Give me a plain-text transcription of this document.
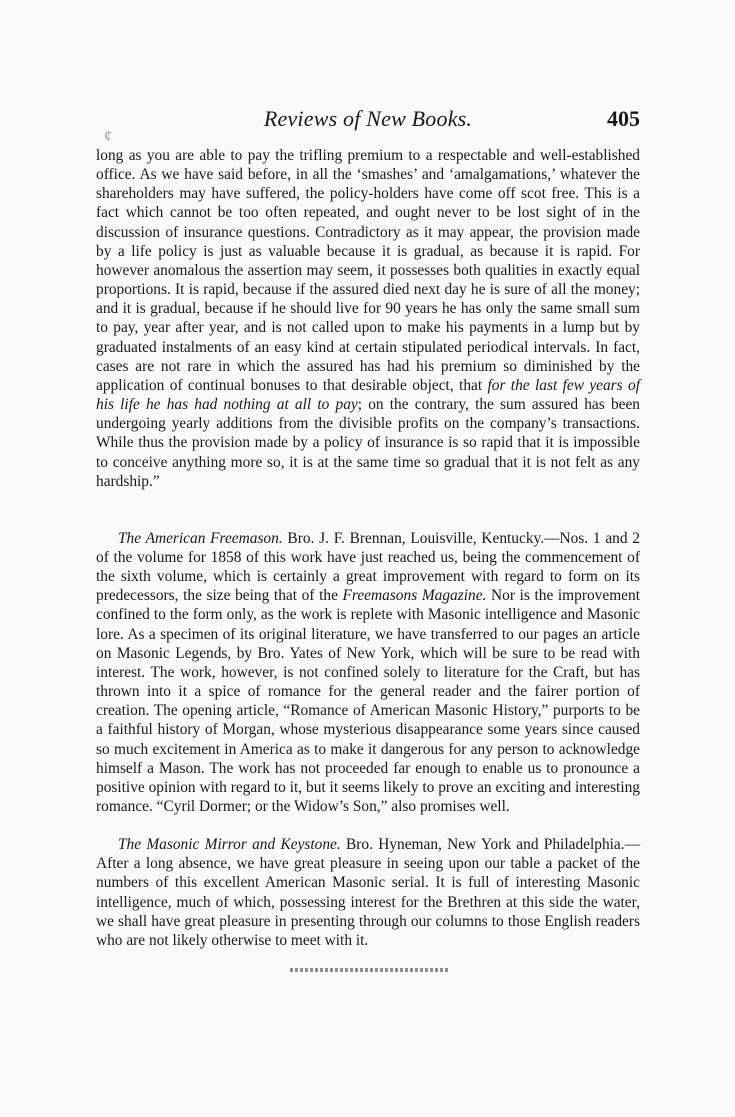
Reviews of New Books.	405
¢

long as you are able to pay the trifling premium to a respectable and well-established office. As we have said before, in all the ‘smashes’ and ‘amalgamations,’ whatever the shareholders may have suffered, the policy-holders have come off scot free. This is a fact which cannot be too often repeated, and ought never to be lost sight of in the discussion of insurance questions. Contradictory as it may appear, the provision made by a life policy is just as valuable because it is gradual, as because it is rapid. For however anomalous the assertion may seem, it possesses both qualities in exactly equal proportions. It is rapid, because if the assured died next day he is sure of all the money; and it is gradual, because if he should live for 90 years he has only the same small sum to pay, year after year, and is not called upon to make his payments in a lump but by graduated instalments of an easy kind at certain stipulated periodical intervals. In fact, cases are not rare in which the assured has had his premium so diminished by the application of continual bonuses to that desirable object, that for the last few years of his life he has had nothing at all to pay; on the contrary, the sum assured has been undergoing yearly additions from the divisible profits on the company’s transactions. While thus the provision made by a policy of insurance is so rapid that it is impossible to conceive anything more so, it is at the same time so gradual that it is not felt as any hardship.”

The American Freemason. Bro. J. F. Brennan, Louisville, Kentucky.—Nos. 1 and 2 of the volume for 1858 of this work have just reached us, being the commencement of the sixth volume, which is certainly a great improvement with regard to form on its predecessors, the size being that of the Freemasons Magazine. Nor is the improvement confined to the form only, as the work is replete with Masonic intelligence and Masonic lore. As a specimen of its original literature, we have transferred to our pages an article on Masonic Legends, by Bro. Yates of New York, which will be sure to be read with interest. The work, however, is not confined solely to literature for the Craft, but has thrown into it a spice of romance for the general reader and the fairer portion of creation. The opening article, “Romance of American Masonic History,” purports to be a faithful history of Morgan, whose mysterious disappearance some years since caused so much excitement in America as to make it dangerous for any person to acknowledge himself a Mason. The work has not proceeded far enough to enable us to pronounce a positive opinion with regard to it, but it seems likely to prove an exciting and interesting romance. “Cyril Dormer; or the Widow’s Son,” also promises well.

The Masonic Mirror and Keystone. Bro. Hyneman, New York and Philadelphia.—After a long absence, we have great pleasure in seeing upon our table a packet of the numbers of this excellent American Masonic serial. It is full of interesting Masonic intelligence, much of which, possessing interest for the Brethren at this side the water, we shall have great pleasure in presenting through our columns to those English readers who are not likely otherwise to meet with it.
